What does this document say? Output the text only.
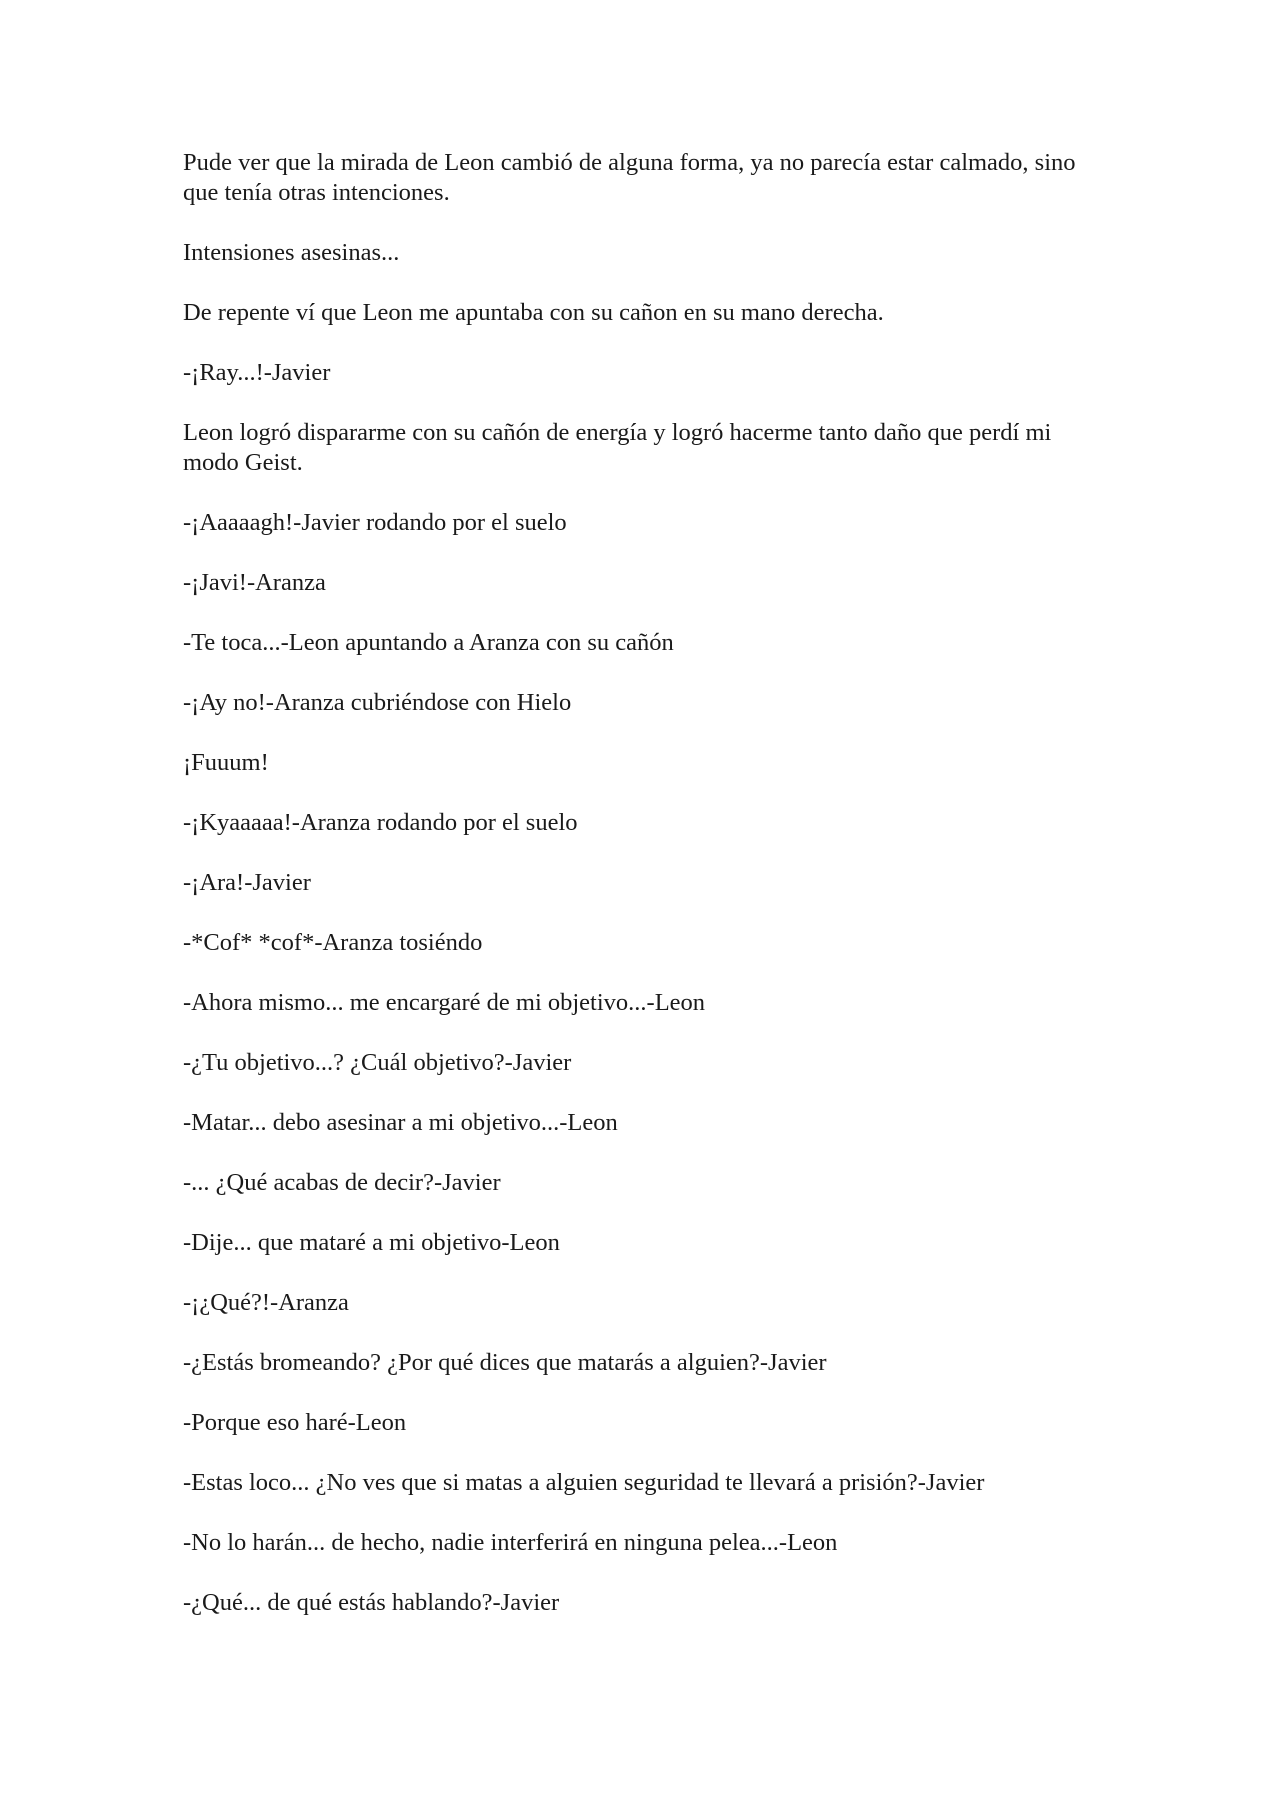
Pude ver que la mirada de Leon cambió de alguna forma, ya no parecía estar calmado, sino que tenía otras intenciones.

Intensiones asesinas...

De repente ví que Leon me apuntaba con su cañon en su mano derecha.

-¡Ray...!-Javier

Leon logró dispararme con su cañón de energía y logró hacerme tanto daño que perdí mi modo Geist.

-¡Aaaaagh!-Javier rodando por el suelo

-¡Javi!-Aranza

-Te toca...-Leon apuntando a Aranza con su cañón

-¡Ay no!-Aranza cubriéndose con Hielo

¡Fuuum!

-¡Kyaaaaa!-Aranza rodando por el suelo

-¡Ara!-Javier

-*Cof* *cof*-Aranza tosiéndo

-Ahora mismo... me encargaré de mi objetivo...-Leon

-¿Tu objetivo...? ¿Cuál objetivo?-Javier

-Matar... debo asesinar a mi objetivo...-Leon

-... ¿Qué acabas de decir?-Javier

-Dije... que mataré a mi objetivo-Leon

-¡¿Qué?!-Aranza

-¿Estás bromeando? ¿Por qué dices que matarás a alguien?-Javier

-Porque eso haré-Leon

-Estas loco... ¿No ves que si matas a alguien seguridad te llevará a prisión?-Javier

-No lo harán... de hecho, nadie interferirá en ninguna pelea...-Leon

-¿Qué... de qué estás hablando?-Javier
